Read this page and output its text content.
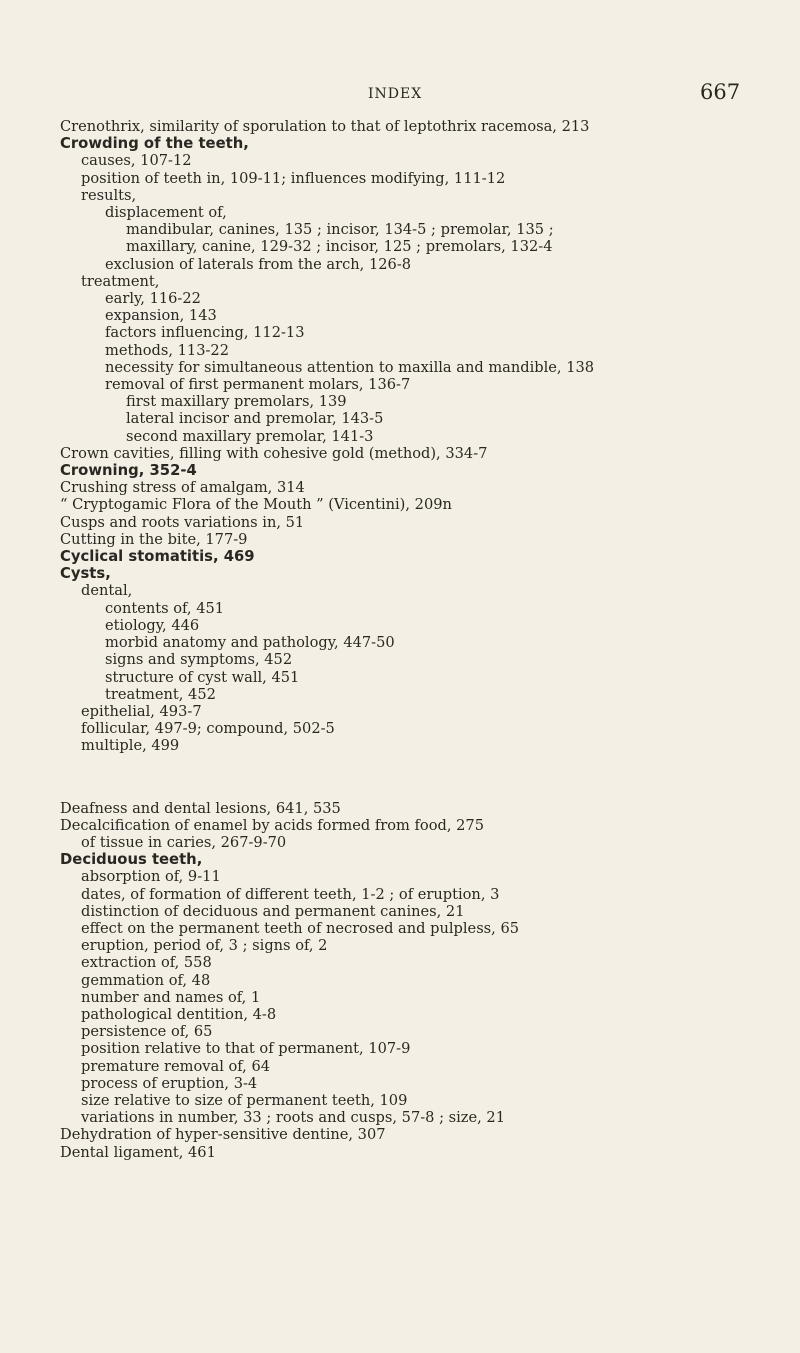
INDEX	667
Crenothrix, similarity of sporulation to that of leptothrix racemosa, 213
Crowding of the teeth,
causes, 107-12
position of teeth in, 109-11; influences modifying, 111-12
results,
displacement of,
mandibular, canines, 135 ; incisor, 134-5 ; premolar, 135 ;
maxillary, canine, 129-32 ; incisor, 125 ; premolars, 132-4
exclusion of laterals from the arch, 126-8
treatment,
early, 116-22
expansion, 143
factors influencing, 112-13
methods, 113-22
necessity for simultaneous attention to maxilla and mandible, 138
removal of first permanent molars, 136-7
first maxillary premolars, 139
lateral incisor and premolar, 143-5
second maxillary premolar, 141-3
Crown cavities, filling with cohesive gold (method), 334-7
Crowning, 352-4
Crushing stress of amalgam, 314
“ Cryptogamic Flora of the Mouth ” (Vicentini), 209n
Cusps and roots variations in, 51
Cutting in the bite, 177-9
Cyclical stomatitis, 469
Cysts,
dental,
contents of, 451
etiology, 446
morbid anatomy and pathology, 447-50
signs and symptoms, 452
structure of cyst wall, 451
treatment, 452
epithelial, 493-7
follicular, 497-9; compound, 502-5
multiple, 499
Deafness and dental lesions, 641, 535
Decalcification of enamel by acids formed from food, 275
of tissue in caries, 267-9-70
Deciduous teeth,
absorption of, 9-11
dates, of formation of different teeth, 1-2 ; of eruption, 3
distinction of deciduous and permanent canines, 21
effect on the permanent teeth of necrosed and pulpless, 65
eruption, period of, 3 ; signs of, 2
extraction of, 558
gemmation of, 48
number and names of, 1
pathological dentition, 4-8
persistence of, 65
position relative to that of permanent, 107-9
premature removal of, 64
process of eruption, 3-4
size relative to size of permanent teeth, 109
variations in number, 33 ; roots and cusps, 57-8 ; size, 21
Dehydration of hyper-sensitive dentine, 307
Dental ligament, 461
